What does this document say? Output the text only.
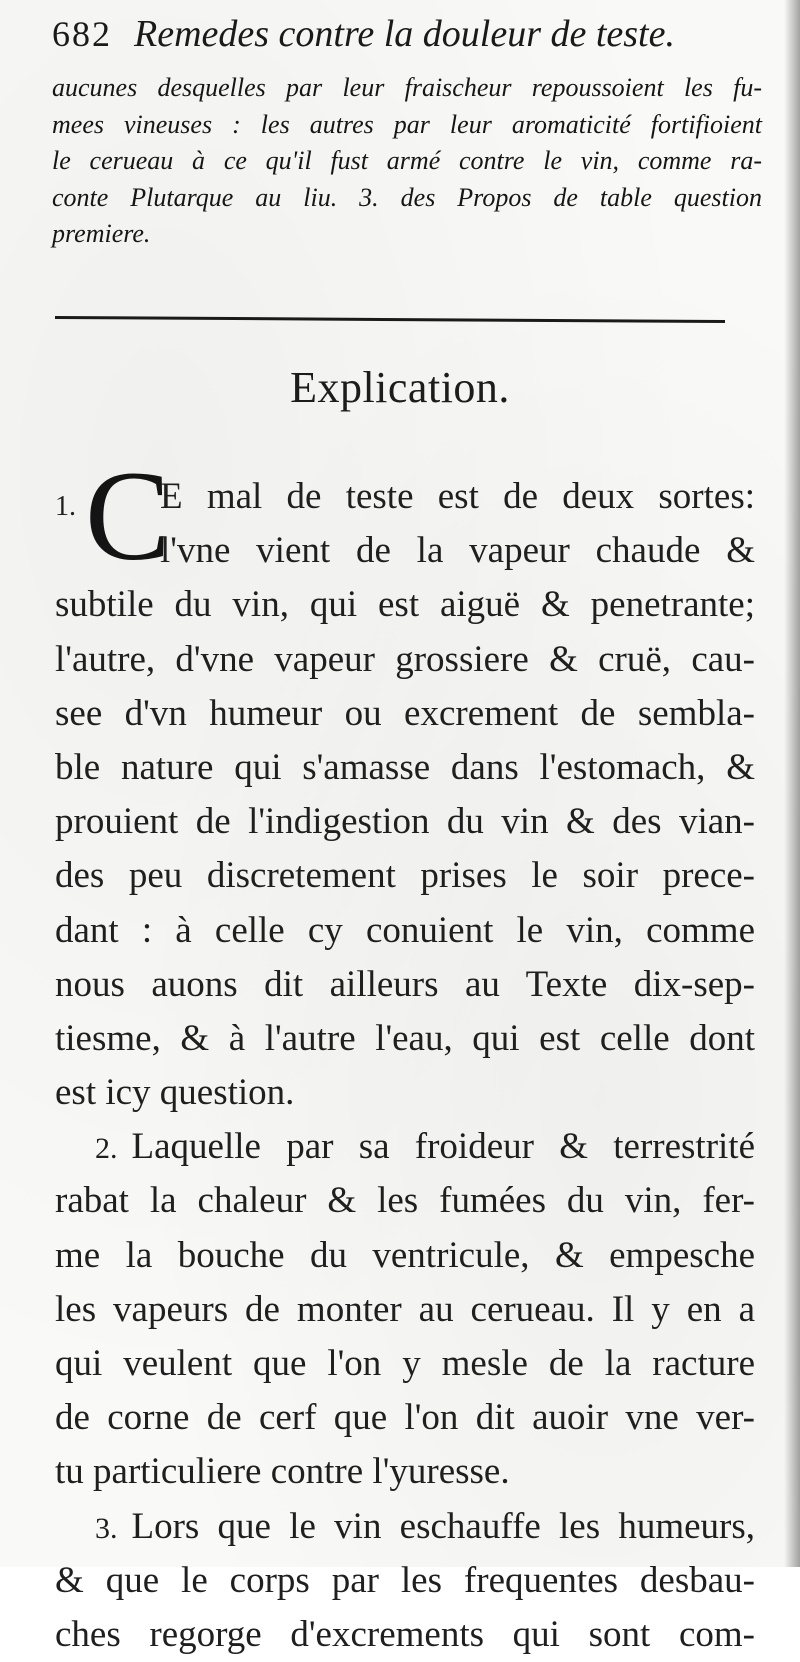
682 Remedes contre la douleur de teste.
aucunes desquelles par leur fraischeur repoussoient les fu-
mees vineuses : les autres par leur aromaticité fortifioient
le cerueau à ce qu'il fust armé contre le vin, comme ra-
conte Plutarque au liu. 3. des Propos de table question
premiere.
Explication.
1. C
E mal de teste est de deux sortes:
l'vne vient de la vapeur chaude &
subtile du vin, qui est aiguë & penetrante;
l'autre, d'vne vapeur grossiere & cruë, cau-
see d'vn humeur ou excrement de sembla-
ble nature qui s'amasse dans l'estomach, &
prouient de l'indigestion du vin & des vian-
des peu discretement prises le soir prece-
dant : à celle cy conuient le vin, comme
nous auons dit ailleurs au Texte dix-sep-
tiesme, & à l'autre l'eau, qui est celle dont
est icy question.
2. Laquelle par sa froideur & terrestrité
rabat la chaleur & les fumées du vin, fer-
me la bouche du ventricule, & empesche
les vapeurs de monter au cerueau. Il y en a
qui veulent que l'on y mesle de la racture
de corne de cerf que l'on dit auoir vne ver-
tu particuliere contre l'yuresse.
3. Lors que le vin eschauffe les humeurs,
& que le corps par les frequentes desbau-
ches regorge d'excrements qui sont com-
